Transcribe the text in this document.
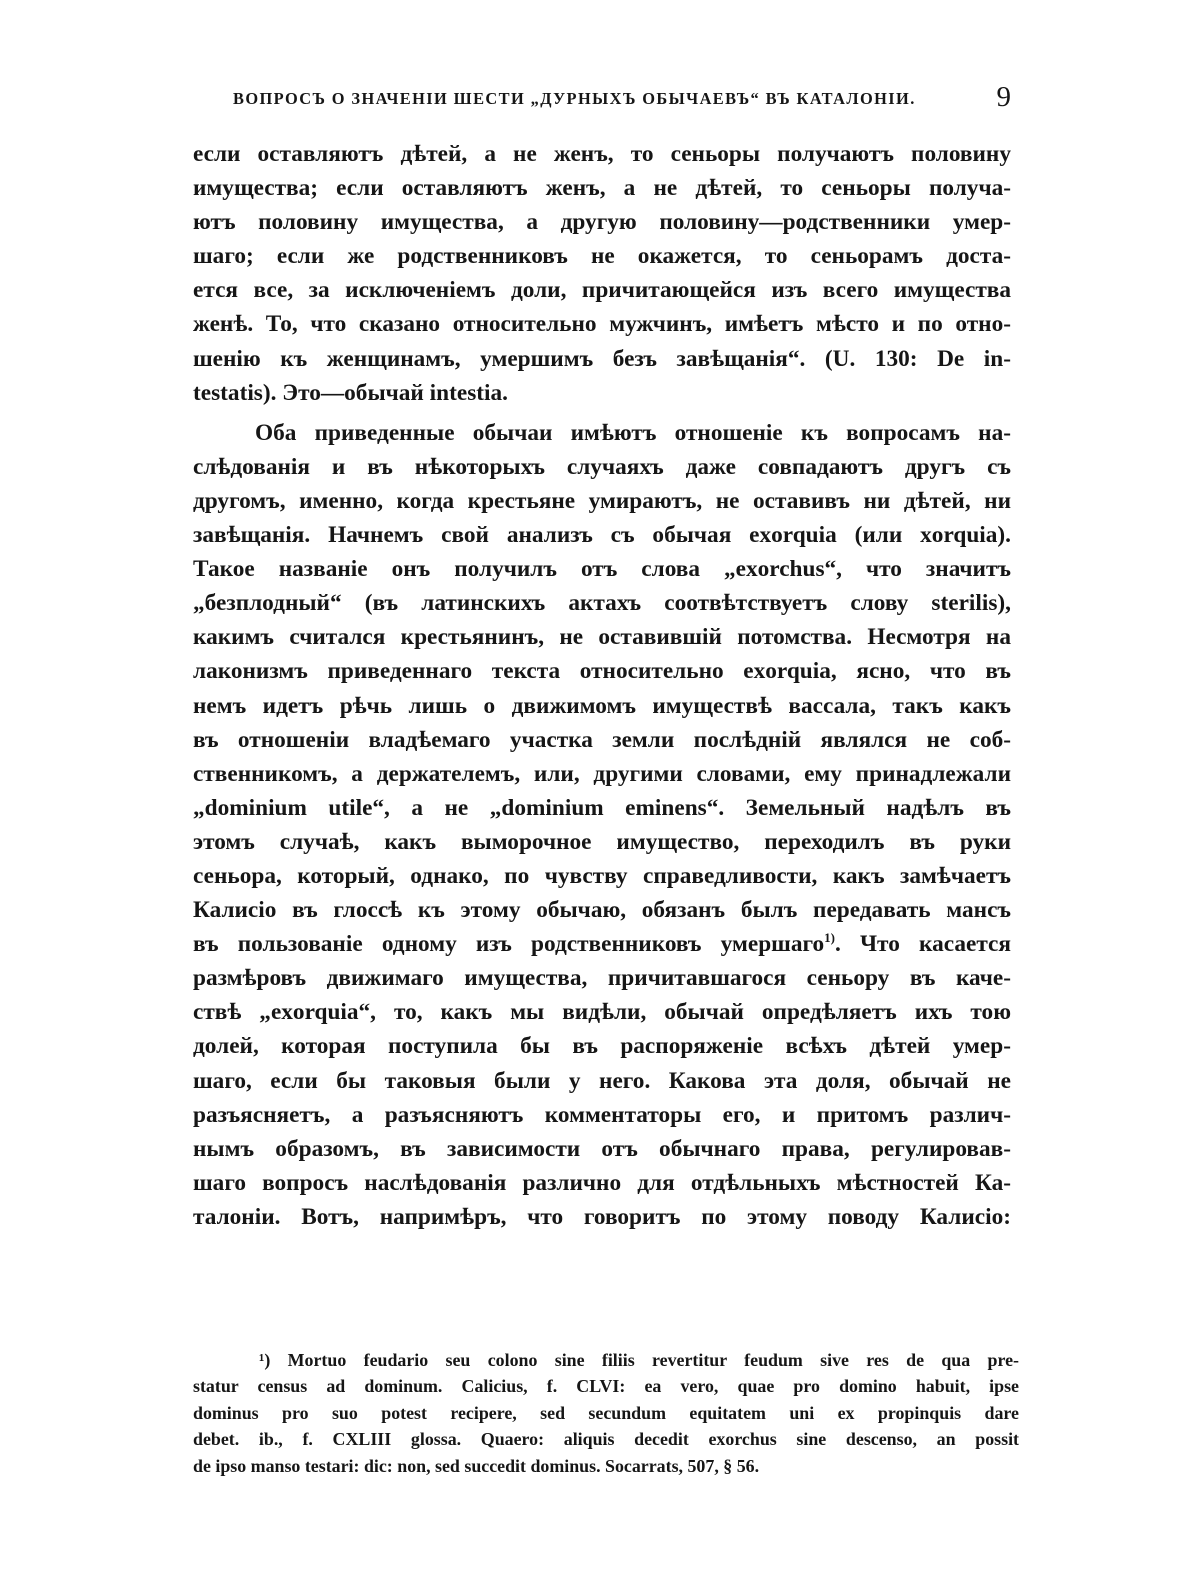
ВОПРОСЪ О ЗНАЧЕНІИ ШЕСТИ „ДУРНЫХЪ ОБЫЧАЕВЪ“ ВЪ КАТАЛОНІИ.	9
если оставляютъ дѣтей, а не женъ, то сеньоры получаютъ половину
имущества; если оставляютъ женъ, а не дѣтей, то сеньоры получа-
ютъ половину имущества, а другую половину—родственники умер-
шаго; если же родственниковъ не окажется, то сеньорамъ доста-
ется все, за исключеніемъ доли, причитающейся изъ всего имущества
женѣ. То, что сказано относительно мужчинъ, имѣетъ мѣсто и по отно-
шенію къ женщинамъ, умершимъ безъ завѣщанія“. (U. 130: De in-
testatis). Это—обычай intestia.
Оба приведенные обычаи имѣютъ отношеніе къ вопросамъ на-
слѣдованія и въ нѣкоторыхъ случаяхъ даже совпадаютъ другъ съ
другомъ, именно, когда крестьяне умираютъ, не оставивъ ни дѣтей, ни
завѣщанія. Начнемъ свой анализъ съ обычая exorquia (или xorquia).
Такое названіе онъ получилъ отъ слова „exorchus“, что значитъ
„безплодный“ (въ латинскихъ актахъ соотвѣтствуетъ слову sterilis),
какимъ считался крестьянинъ, не оставившій потомства. Несмотря на
лаконизмъ приведеннаго текста относительно exorquia, ясно, что въ
немъ идетъ рѣчь лишь о движимомъ имуществѣ вассала, такъ какъ
въ отношеніи владѣемаго участка земли послѣдній являлся не соб-
ственникомъ, а держателемъ, или, другими словами, ему принадлежали
„dominium utile“, а не „dominium eminens“. Земельный надѣлъ въ
этомъ случаѣ, какъ выморочное имущество, переходилъ въ руки
сеньора, который, однако, по чувству справедливости, какъ замѣчаетъ
Калисіо въ глоссѣ къ этому обычаю, обязанъ былъ передавать мансъ
въ пользованіе одному изъ родственниковъ умершаго$^{1)}$. Что касается
размѣровъ движимаго имущества, причитавшагося сеньору въ каче-
ствѣ „exorquia“, то, какъ мы видѣли, обычай опредѣляетъ ихъ тою
долей, которая поступила бы въ распоряженіе всѣхъ дѣтей умер-
шаго, если бы таковыя были у него. Какова эта доля, обычай не
разъясняетъ, а разъясняютъ комментаторы его, и притомъ различ-
нымъ образомъ, въ зависимости отъ обычнаго права, регулировав-
шаго вопросъ наслѣдованія различно для отдѣльныхъ мѣстностей Ка-
талоніи. Вотъ, напримѣръ, что говоритъ по этому поводу Калисіо:
¹) Mortuo feudario seu colono sine filiis revertitur feudum sive res de qua pre-
statur census ad dominum. Calicius, f. CLVI: ea vero, quae pro domino habuit, ipse
dominus pro suo potest recipere, sed secundum equitatem uni ex propinquis dare
debet. ib., f. CXLIII glossa. Quaero: aliquis decedit exorchus sine descenso, an possit
de ipso manso testari: dic: non, sed succedit dominus. Socarrats, 507, § 56.
